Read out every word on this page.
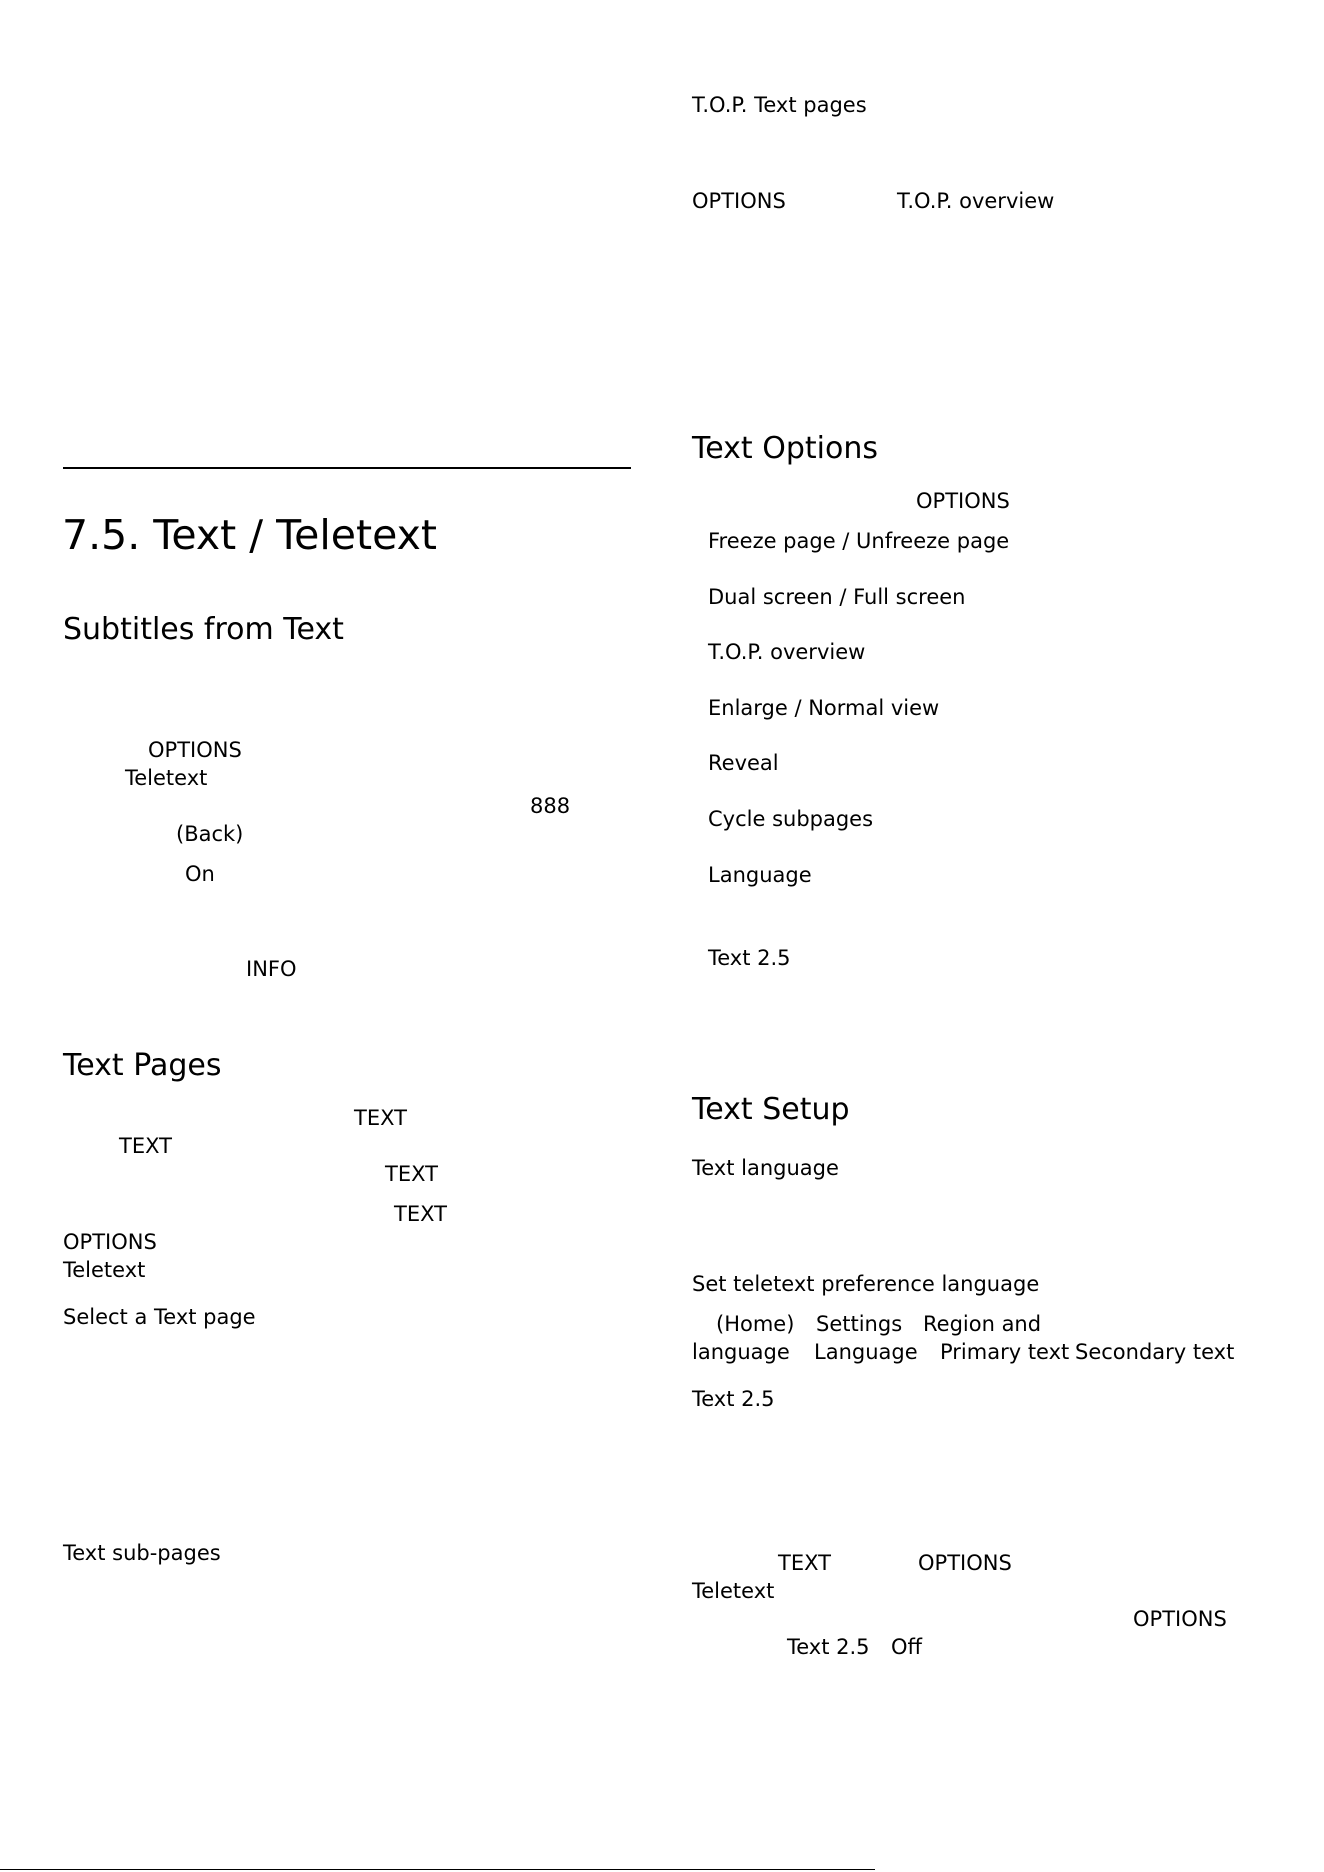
7.5. Text / Teletext
Subtitles from Text
OPTIONS
Teletext
888
(Back)
On
INFO
Text Pages
TEXT
TEXT
TEXT
TEXT
OPTIONS
Teletext
Select a Text page
Text sub-pages
T.O.P. Text pages
OPTIONS	T.O.P. overview
Text Options
OPTIONS
Freeze page / Unfreeze page
Dual screen / Full screen
T.O.P. overview
Enlarge / Normal view
Reveal
Cycle subpages
Language
Text 2.5
Text Setup
Text language
Set teletext preference language
(Home) Settings Region and
language Language Primary text Secondary text
Text 2.5
TEXT	OPTIONS
Teletext
OPTIONS
Text 2.5 Off
